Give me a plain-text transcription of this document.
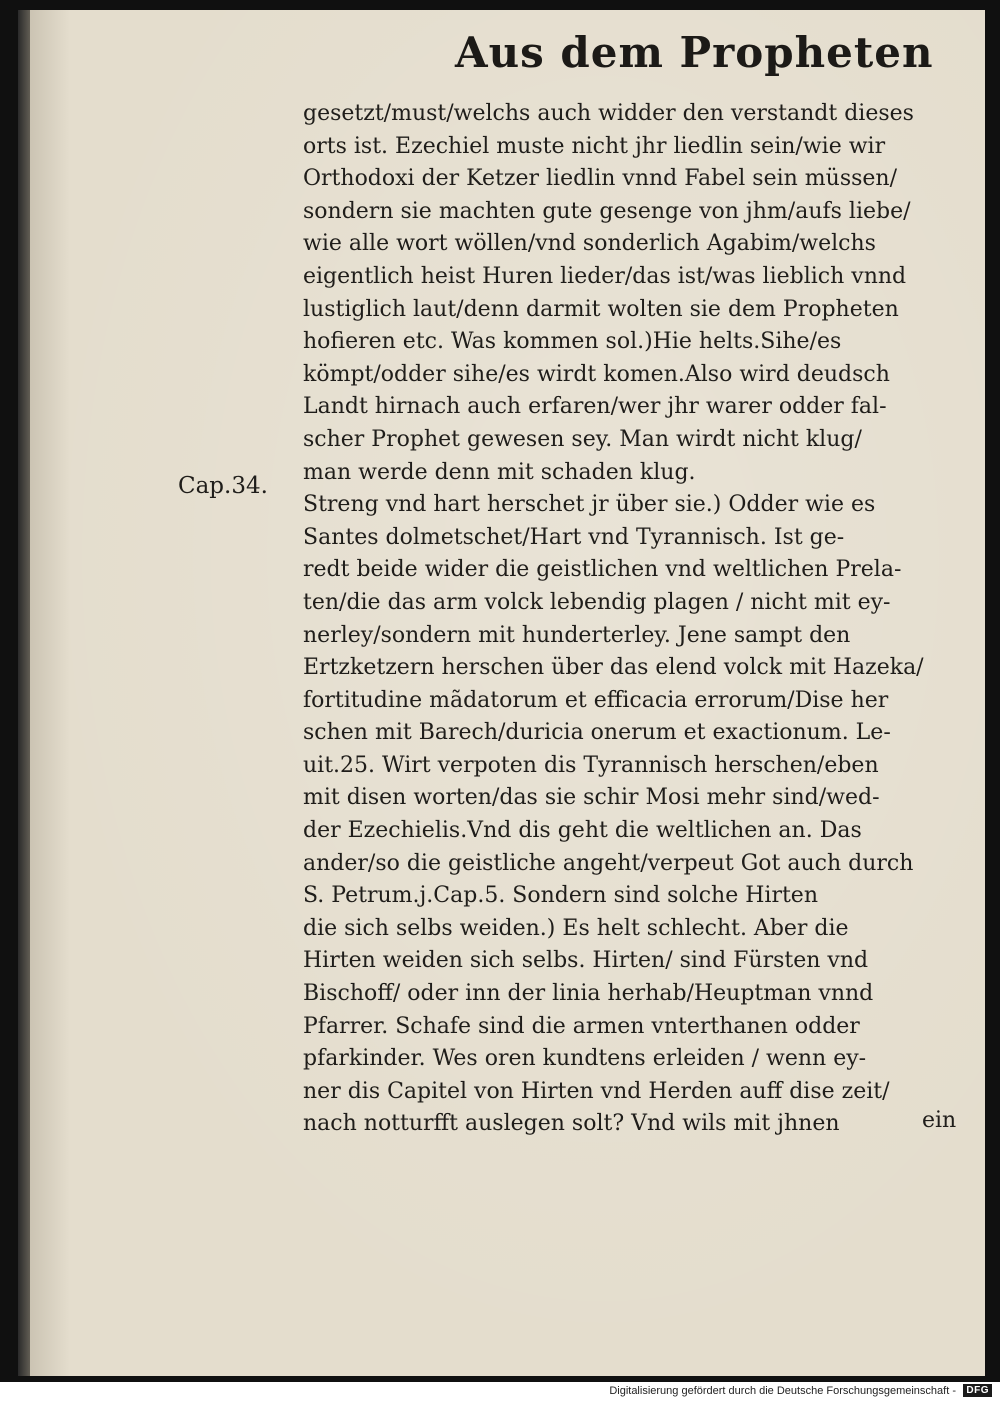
Aus dem Propheten
Cap.34.
gesetzt/must/welchs auch widder den verstandt dieses
orts ist. Ezechiel muste nicht jhr liedlin sein/wie wir
Orthodoxi der Ketzer liedlin vnnd Fabel sein müssen/
sondern sie machten gute gesenge von jhm/aufs liebe/
wie alle wort wöllen/vnd sonderlich Agabim/welchs
eigentlich heist Huren lieder/das ist/was lieblich vnnd
lustiglich laut/denn darmit wolten sie dem Propheten
hofieren etc. Was kommen sol.)Hie helts.Sihe/es
kömpt/odder sihe/es wirdt komen.Also wird deudsch
Landt hirnach auch erfaren/wer jhr warer odder fal-
scher Prophet gewesen sey. Man wirdt nicht klug/
man werde denn mit schaden klug.
Streng vnd hart herschet jr über sie.) Odder wie es
Santes dolmetschet/Hart vnd Tyrannisch. Ist ge-
redt beide wider die geistlichen vnd weltlichen Prela-
ten/die das arm volck lebendig plagen / nicht mit ey-
nerley/sondern mit hunderterley. Jene sampt den
Ertzketzern herschen über das elend volck mit Hazeka/
fortitudine mãdatorum et efficacia errorum/Dise her
schen mit Barech/duricia onerum et exactionum. Le-
uit.25. Wirt verpoten dis Tyrannisch herschen/eben
mit disen worten/das sie schir Mosi mehr sind/wed-
der Ezechielis.Vnd dis geht die weltlichen an. Das
ander/so die geistliche angeht/verpeut Got auch durch
S. Petrum.j.Cap.5. Sondern sind solche Hirten
die sich selbs weiden.) Es helt schlecht. Aber die
Hirten weiden sich selbs. Hirten/ sind Fürsten vnd
Bischoff/ oder inn der linia herhab/Heuptman vnnd
Pfarrer. Schafe sind die armen vnterthanen odder
pfarkinder. Wes oren kundtens erleiden / wenn ey-
ner dis Capitel von Hirten vnd Herden auff dise zeit/
nach notturfft auslegen solt? Vnd wils mit jhnen	ein
Digitalisierung gefördert durch die Deutsche Forschungsgemeinschaft -	DFG
